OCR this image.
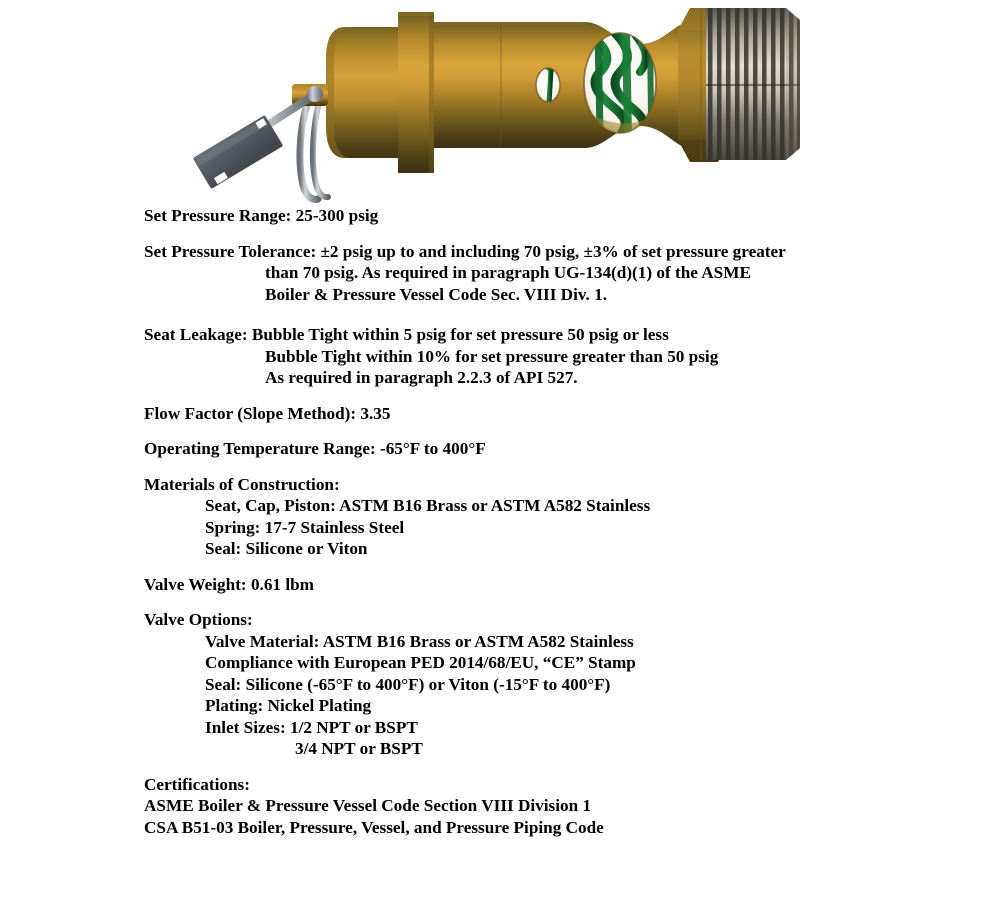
Set Pressure Range: 25-300 psig
Set Pressure Tolerance: ±2 psig up to and including 70 psig, ±3% of set pressure greater
than 70 psig. As required in paragraph UG-134(d)(1) of the ASME
Boiler & Pressure Vessel Code Sec. VIII Div. 1.
Seat Leakage: Bubble Tight within 5 psig for set pressure 50 psig or less
Bubble Tight within 10% for set pressure greater than 50 psig
As required in paragraph 2.2.3 of API 527.
Flow Factor (Slope Method): 3.35
Operating Temperature Range: -65°F to 400°F
Materials of Construction:
Seat, Cap, Piston: ASTM B16 Brass or ASTM A582 Stainless
Spring: 17-7 Stainless Steel
Seal: Silicone or Viton
Valve Weight: 0.61 lbm
Valve Options:
Valve Material: ASTM B16 Brass or ASTM A582 Stainless
Compliance with European PED 2014/68/EU, “CE” Stamp
Seal: Silicone (-65°F to 400°F) or Viton (-15°F to 400°F)
Plating: Nickel Plating
Inlet Sizes: 1/2 NPT or BSPT
3/4 NPT or BSPT
Certifications:
ASME Boiler & Pressure Vessel Code Section VIII Division 1
CSA B51-03 Boiler, Pressure, Vessel, and Pressure Piping Code
